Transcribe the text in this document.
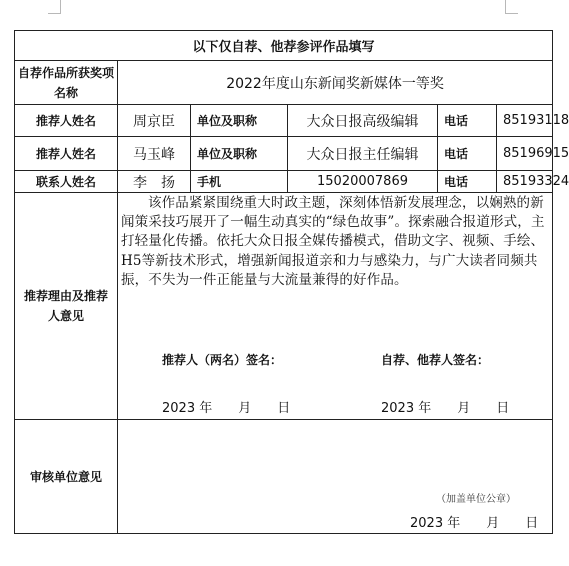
以下仅自荐、他荐参评作品填写					
自荐作品所获奖项名称	2022年度山东新闻奖新媒体一等奖				
推荐人姓名	周京臣	单位及职称	大众日报高级编辑	电话	85193118
推荐人姓名	马玉峰	单位及职称	大众日报主任编辑	电话	85196915
联系人姓名	李　扬	手机	15020007869	电话	85193324
推荐理由及推荐人意见	该作品紧紧围绕重大时政主题，深刻体悟新发展理念，以娴熟的新闻策采技巧展开了一幅生动真实的“绿色故事”。探索融合报道形式，主打轻量化传播。依托大众日报全媒传播模式，借助文字、视频、手绘、H5等新技术形式，增强新闻报道亲和力与感染力，与广大读者同频共振，不失为一件正能量与大流量兼得的好作品。

推荐人（两名）签名： 自荐、他荐人签名：
2023 年　　月　　日 2023 年　　月　　日				

审核单位意见	（加盖单位公章）
2023 年　　月　　日				
